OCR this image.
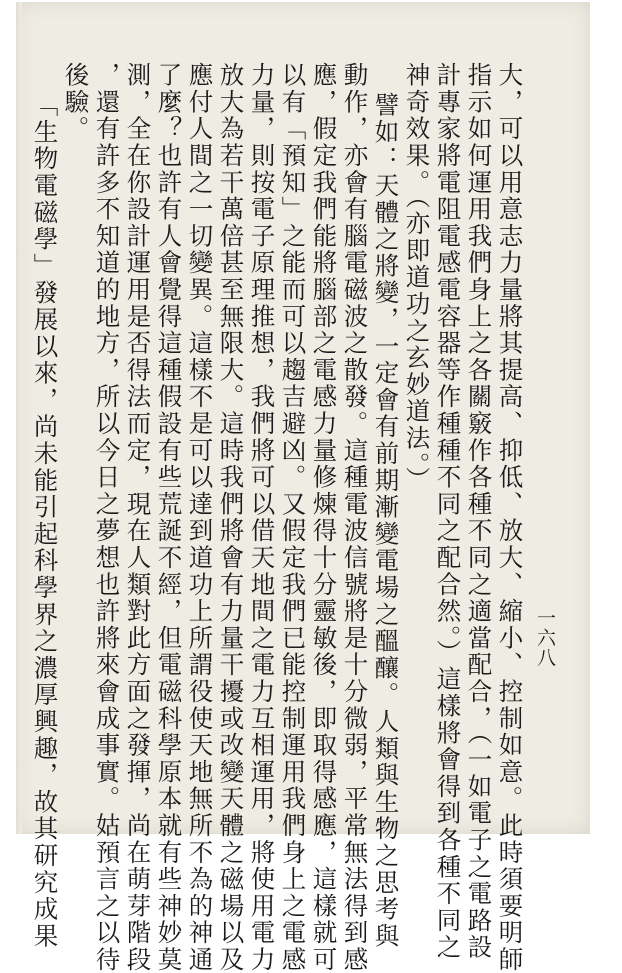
一六八
大，可以用意志力量將其提高、抑低、放大、縮小、控制如意。此時須要明師
指示如何運用我們身上之各關竅作各種不同之適當配合，（一如電子之電路設
計專家將電阻電感電容器等作種種不同之配合然。）這樣將會得到各種不同之
神奇效果。（亦即道功之玄妙道法。）
譬如：天體之將變，一定會有前期漸變電場之醞釀。人類與生物之思考與
動作，亦會有腦電磁波之散發。這種電波信號將是十分微弱，平常無法得到感
應，假定我們能將腦部之電感力量修煉得十分靈敏後，即取得感應，這樣就可
以有「預知」之能而可以趨吉避凶。又假定我們已能控制運用我們身上之電感
力量，則按電子原理推想，我們將可以借天地間之電力互相運用，將使用電力
放大為若干萬倍甚至無限大。這時我們將會有力量干擾或改變天體之磁場以及
應付人間之一切變異。這樣不是可以達到道功上所謂役使天地無所不為的神通
了麼？也許有人會覺得這種假設有些荒誕不經，但電磁科學原本就有些神妙莫
測，全在你設計運用是否得法而定，現在人類對此方面之發揮，尚在萌芽階段
，還有許多不知道的地方，所以今日之夢想也許將來會成事實。姑預言之以待
後驗。
「生物電磁學」發展以來，尚未能引起科學界之濃厚興趣，故其研究成果
